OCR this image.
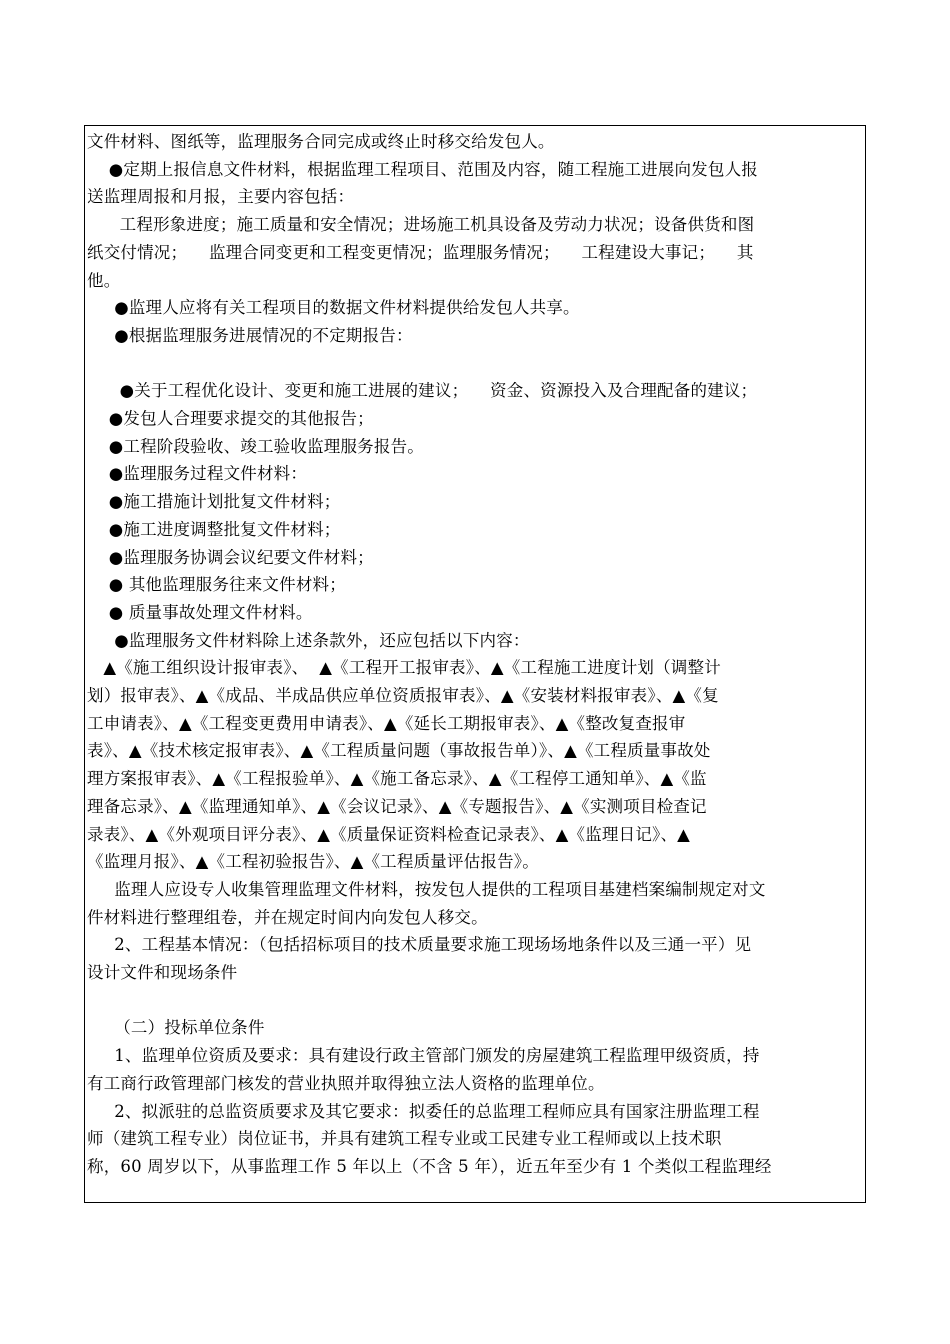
文件材料、图纸等，监理服务合同完成或终止时移交给发包人。
●定期上报信息文件材料，根据监理工程项目、范围及内容，随工程施工进展向发包人报
送监理周报和月报，主要内容包括：
工程形象进度；施工质量和安全情况；进场施工机具设备及劳动力状况；设备供货和图
纸交付情况；    监理合同变更和工程变更情况；监理服务情况；    工程建设大事记；    其
他。
●监理人应将有关工程项目的数据文件材料提供给发包人共享。
●根据监理服务进展情况的不定期报告：
●关于工程优化设计、变更和施工进展的建议；    资金、资源投入及合理配备的建议；
●发包人合理要求提交的其他报告；
●工程阶段验收、竣工验收监理服务报告。
●监理服务过程文件材料：
●施工措施计划批复文件材料；
●施工进度调整批复文件材料；
●监理服务协调会议纪要文件材料；
● 其他监理服务往来文件材料；
● 质量事故处理文件材料。
●监理服务文件材料除上述条款外，还应包括以下内容：
▲《施工组织设计报审表》、  ▲《工程开工报审表》、▲《工程施工进度计划（调整计
划）报审表》、▲《成品、半成品供应单位资质报审表》、▲《安装材料报审表》、▲《复
工申请表》、▲《工程变更费用申请表》、▲《延长工期报审表》、▲《整改复查报审
表》、▲《技术核定报审表》、▲《工程质量问题（事故报告单）》、▲《工程质量事故处
理方案报审表》、▲《工程报验单》、▲《施工备忘录》、▲《工程停工通知单》、▲《监
理备忘录》、▲《监理通知单》、▲《会议记录》、▲《专题报告》、▲《实测项目检查记
录表》、▲《外观项目评分表》、▲《质量保证资料检查记录表》、▲《监理日记》、▲
《监理月报》、▲《工程初验报告》、▲《工程质量评估报告》。
监理人应设专人收集管理监理文件材料，按发包人提供的工程项目基建档案编制规定对文
件材料进行整理组卷，并在规定时间内向发包人移交。
2、工程基本情况：（包括招标项目的技术质量要求施工现场场地条件以及三通一平）见
设计文件和现场条件
（二）投标单位条件
1、监理单位资质及要求：具有建设行政主管部门颁发的房屋建筑工程监理甲级资质，持
有工商行政管理部门核发的营业执照并取得独立法人资格的监理单位。
2、拟派驻的总监资质要求及其它要求：拟委任的总监理工程师应具有国家注册监理工程
师（建筑工程专业）岗位证书，并具有建筑工程专业或工民建专业工程师或以上技术职
称，60 周岁以下，从事监理工作 5 年以上（不含 5 年），近五年至少有 1 个类似工程监理经
